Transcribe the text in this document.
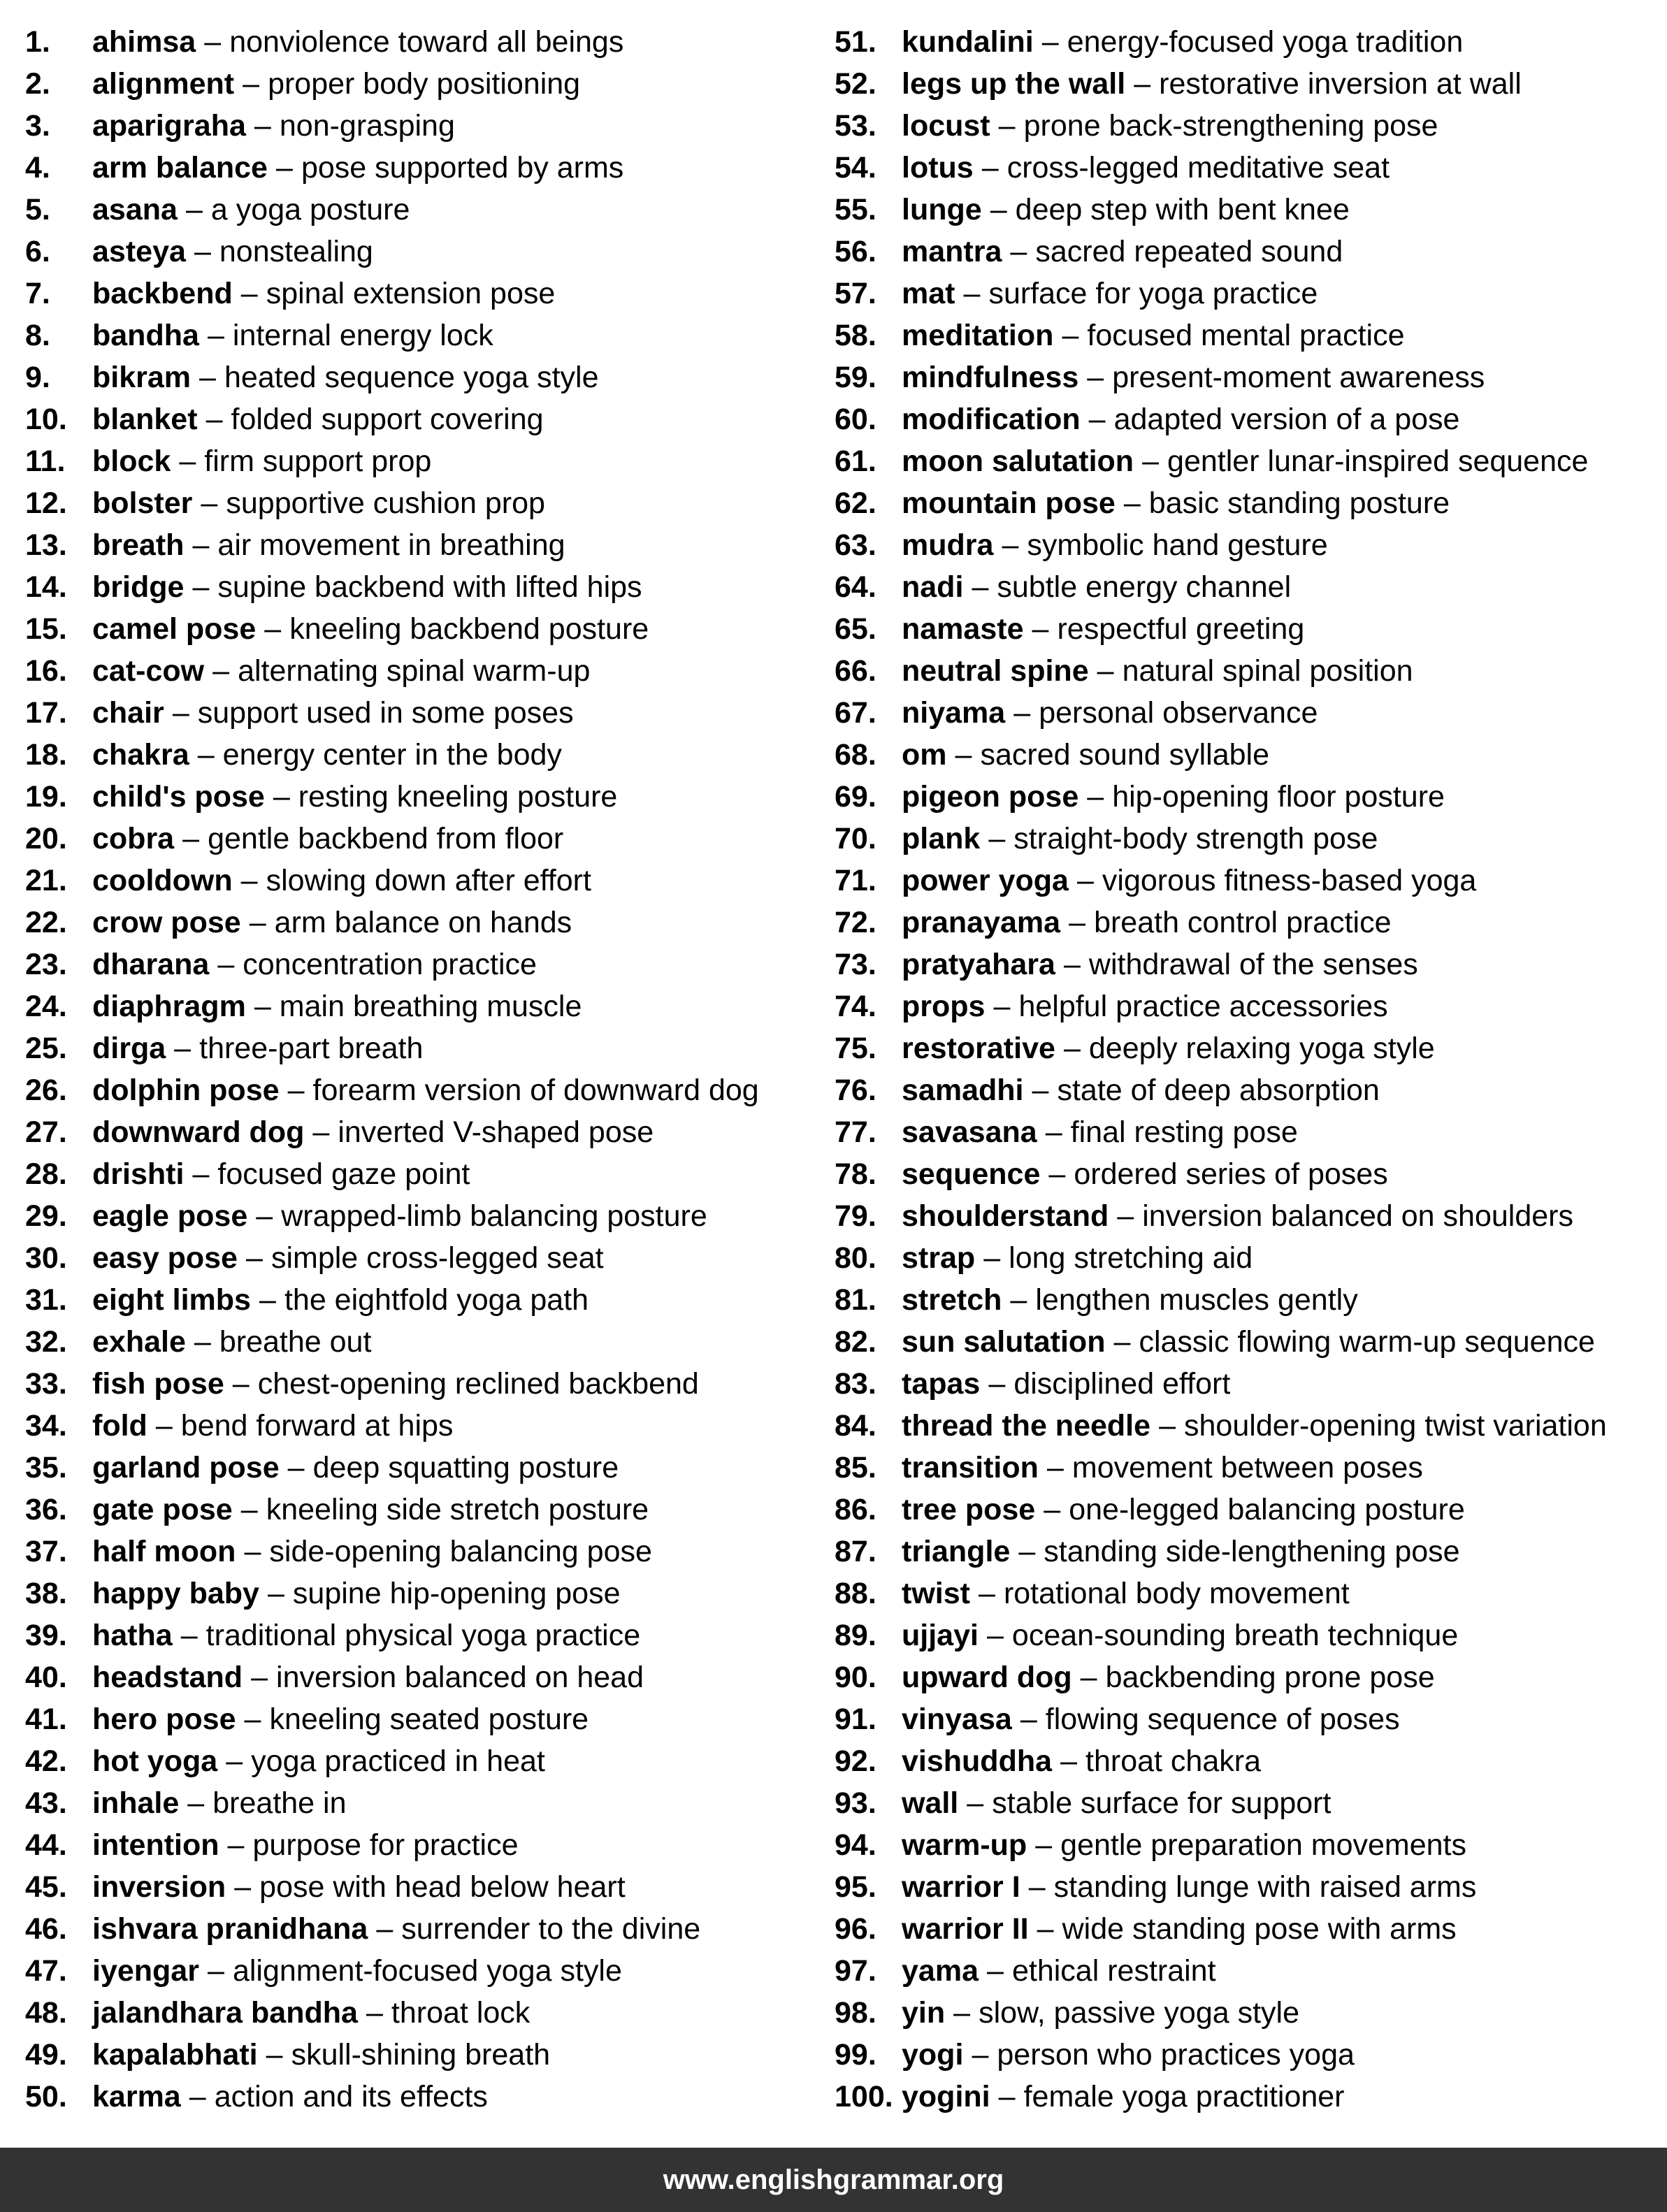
1.	ahimsa – nonviolence toward all beings
2.	alignment – proper body positioning
3.	aparigraha – non-grasping
4.	arm balance – pose supported by arms
5.	asana – a yoga posture
6.	asteya – nonstealing
7.	backbend – spinal extension pose
8.	bandha – internal energy lock
9.	bikram – heated sequence yoga style
10. blanket – folded support covering
11. block – firm support prop
12. bolster – supportive cushion prop
13. breath – air movement in breathing
14. bridge – supine backbend with lifted hips
15. camel pose – kneeling backbend posture
16. cat-cow – alternating spinal warm-up
17. chair – support used in some poses
18. chakra – energy center in the body
19. child's pose – resting kneeling posture
20. cobra – gentle backbend from floor
21. cooldown – slowing down after effort
22. crow pose – arm balance on hands
23. dharana – concentration practice
24. diaphragm – main breathing muscle
25. dirga – three-part breath
26. dolphin pose – forearm version of downward dog
27. downward dog – inverted V-shaped pose
28. drishti – focused gaze point
29. eagle pose – wrapped-limb balancing posture
30. easy pose – simple cross-legged seat
31. eight limbs – the eightfold yoga path
32. exhale – breathe out
33. fish pose – chest-opening reclined backbend
34. fold – bend forward at hips
35. garland pose – deep squatting posture
36. gate pose – kneeling side stretch posture
37. half moon – side-opening balancing pose
38. happy baby – supine hip-opening pose
39. hatha – traditional physical yoga practice
40. headstand – inversion balanced on head
41. hero pose – kneeling seated posture
42. hot yoga – yoga practiced in heat
43. inhale – breathe in
44. intention – purpose for practice
45. inversion – pose with head below heart
46. ishvara pranidhana – surrender to the divine
47. iyengar – alignment-focused yoga style
48. jalandhara bandha – throat lock
49. kapalabhati – skull-shining breath
50. karma – action and its effects
51. kundalini – energy-focused yoga tradition
52. legs up the wall – restorative inversion at wall
53. locust – prone back-strengthening pose
54. lotus – cross-legged meditative seat
55. lunge – deep step with bent knee
56. mantra – sacred repeated sound
57. mat – surface for yoga practice
58. meditation – focused mental practice
59. mindfulness – present-moment awareness
60. modification – adapted version of a pose
61. moon salutation – gentler lunar-inspired sequence
62. mountain pose – basic standing posture
63. mudra – symbolic hand gesture
64. nadi – subtle energy channel
65. namaste – respectful greeting
66. neutral spine – natural spinal position
67. niyama – personal observance
68. om – sacred sound syllable
69. pigeon pose – hip-opening floor posture
70. plank – straight-body strength pose
71. power yoga – vigorous fitness-based yoga
72. pranayama – breath control practice
73. pratyahara – withdrawal of the senses
74. props – helpful practice accessories
75. restorative – deeply relaxing yoga style
76. samadhi – state of deep absorption
77. savasana – final resting pose
78. sequence – ordered series of poses
79. shoulderstand – inversion balanced on shoulders
80. strap – long stretching aid
81. stretch – lengthen muscles gently
82. sun salutation – classic flowing warm-up sequence
83. tapas – disciplined effort
84. thread the needle – shoulder-opening twist variation
85. transition – movement between poses
86. tree pose – one-legged balancing posture
87. triangle – standing side-lengthening pose
88. twist – rotational body movement
89. ujjayi – ocean-sounding breath technique
90. upward dog – backbending prone pose
91. vinyasa – flowing sequence of poses
92. vishuddha – throat chakra
93. wall – stable surface for support
94. warm-up – gentle preparation movements
95. warrior I – standing lunge with raised arms
96. warrior II – wide standing pose with arms
97. yama – ethical restraint
98. yin – slow, passive yoga style
99. yogi – person who practices yoga
100. yogini – female yoga practitioner
www.englishgrammar.org
